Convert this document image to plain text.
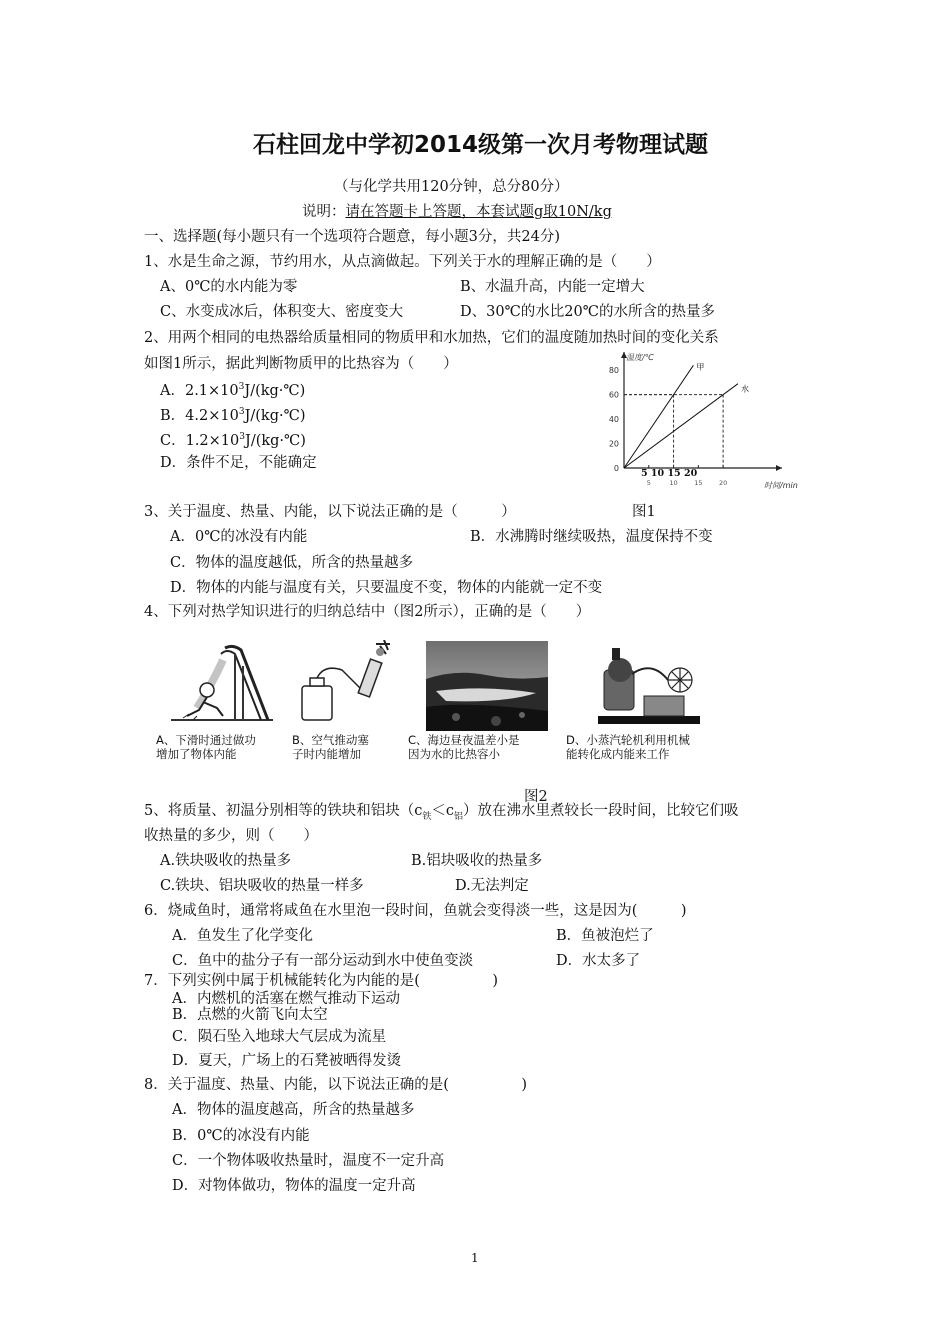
石柱回龙中学初2014级第一次月考物理试题
（与化学共用120分钟，总分80分）
说明：请在答题卡上答题，本套试题g取10N/kg
一、选择题(每小题只有一个选项符合题意，每小题3分，共24分)
1、水是生命之源，节约用水，从点滴做起。下列关于水的理解正确的是（　　）
A、0℃的水内能为零	B、水温升高，内能一定增大
C、水变成冰后，体积变大、密度变大	D、30℃的水比20℃的水所含的热量多
2、用两个相同的电热器给质量相同的物质甲和水加热，它们的温度随加热时间的变化关系
如图1所示，据此判断物质甲的比热容为（　　）
A．$2.1\times 10^3J/(kg\cdot℃)$
B．$4.2\times 10^3J/(kg\cdot℃)$
C．$1.2\times 10^3J/(kg\cdot℃)$
D．条件不足，不能确定
温度/℃
时间/min
0
20
40
60
80
5	10	15	20
5 10 15 20
甲
水
3、关于温度、热量、内能，以下说法正确的是（　　　）	图1
A．0℃的冰没有内能	B．水沸腾时继续吸热，温度保持不变
C．物体的温度越低，所含的热量越多
D．物体的内能与温度有关，只要温度不变，物体的内能就一定不变
4、下列对热学知识进行的归纳总结中（图2所示），正确的是（　　）
A、下滑时通过做功
增加了物体内能
B、空气推动塞
子时内能增加
C、海边昼夜温差小是
因为水的比热容小
D、小蒸汽轮机利用机械
能转化成内能来工作
图2
5、将质量、初温分别相等的铁块和铝块$(c_铁<c_铝)$放在沸水里煮较长一段时间，比较它们吸
收热量的多少，则（　　）
A.铁块吸收的热量多	B.铝块吸收的热量多
C.铁块、铝块吸收的热量一样多	D.无法判定
6．烧咸鱼时，通常将咸鱼在水里泡一段时间，鱼就会变得淡一些，这是因为(　　　)
A．鱼发生了化学变化	B．鱼被泡烂了
C．鱼中的盐分子有一部分运动到水中使鱼变淡	D．水太多了
7．下列实例中属于机械能转化为内能的是(　　　　　)
A．内燃机的活塞在燃气推动下运动
B．点燃的火箭飞向太空
C．陨石坠入地球大气层成为流星
D．夏天，广场上的石凳被晒得发烫
8．关于温度、热量、内能，以下说法正确的是(　　　　　)
A．物体的温度越高，所含的热量越多
B．0℃的冰没有内能
C．一个物体吸收热量时，温度不一定升高
D．对物体做功，物体的温度一定升高
1
